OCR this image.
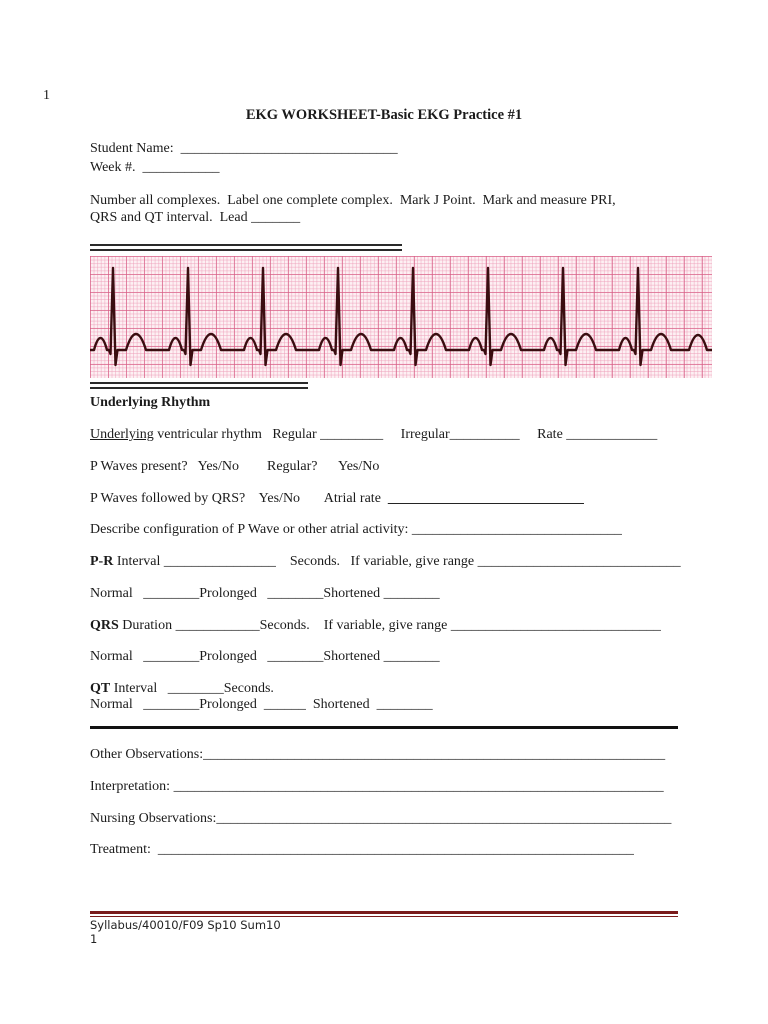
1
EKG WORKSHEET-Basic EKG Practice #1
Student Name:  _______________________________
Week #.  ___________
Number all complexes.  Label one complete complex.  Mark J Point.  Mark and measure PRI,
QRS and QT interval.  Lead _______
Underlying Rhythm
Underlying ventricular rhythm   Regular _________     Irregular__________     Rate _____________
P Waves present?   Yes/No        Regular?      Yes/No
P Waves followed by QRS?    Yes/No       Atrial rate  ____________________________
Describe configuration of P Wave or other atrial activity: ______________________________
P-R Interval ________________    Seconds.   If variable, give range _____________________________
Normal   ________Prolonged   ________Shortened ________
QRS Duration ____________Seconds.    If variable, give range ______________________________
Normal   ________Prolonged   ________Shortened ________
QT Interval   ________Seconds.
Normal   ________Prolonged  ______  Shortened  ________
Other Observations:__________________________________________________________________
Interpretation: ______________________________________________________________________
Nursing Observations:_________________________________________________________________
Treatment:  ____________________________________________________________________
Syllabus/40010/F09 Sp10 Sum10
1
